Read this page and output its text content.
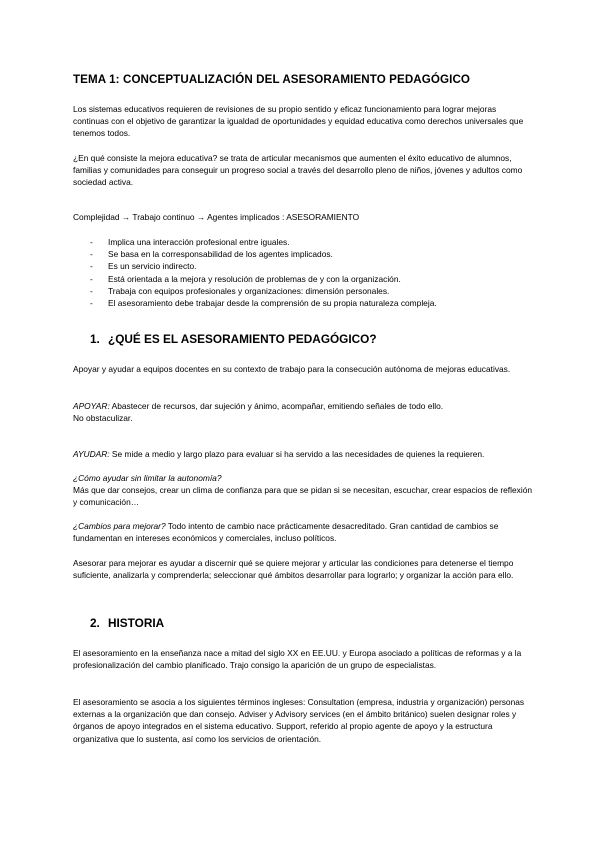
TEMA 1: CONCEPTUALIZACIÓN DEL ASESORAMIENTO PEDAGÓGICO

Los sistemas educativos requieren de revisiones de su propio sentido y eficaz funcionamiento para lograr mejoras continuas con el objetivo de garantizar la igualdad de oportunidades y equidad educativa como derechos universales que tenemos todos.

¿En qué consiste la mejora educativa? se trata de articular mecanismos que aumenten el éxito educativo de alumnos, familias y comunidades para conseguir un progreso social a través del desarrollo pleno de niños, jóvenes y adultos como sociedad activa.

Complejidad → Trabajo continuo → Agentes implicados : ASESORAMIENTO

- Implica una interacción profesional entre iguales.
- Se basa en la corresponsabilidad de los agentes implicados.
- Es un servicio indirecto.
- Está orientada a la mejora y resolución de problemas de y con la organización.
- Trabaja con equipos profesionales y organizaciones: dimensión personales.
- El asesoramiento debe trabajar desde la comprensión de su propia naturaleza compleja.
1. ¿QUÉ ES EL ASESORAMIENTO PEDAGÓGICO?

Apoyar y ayudar a equipos docentes en su contexto de trabajo para la consecución autónoma de mejoras educativas.

APOYAR: Abastecer de recursos, dar sujeción y ánimo, acompañar, emitiendo señales de todo ello.
No obstaculizar.

AYUDAR: Se mide a medio y largo plazo para evaluar si ha servido a las necesidades de quienes la requieren.

¿Cómo ayudar sin limitar la autonomía?
Más que dar consejos, crear un clima de confianza para que se pidan si se necesitan, escuchar, crear espacios de reflexión y comunicación…

¿Cambios para mejorar? Todo intento de cambio nace prácticamente desacreditado. Gran cantidad de cambios se fundamentan en intereses económicos y comerciales, incluso políticos.

Asesorar para mejorar es ayudar a discernir qué se quiere mejorar y articular las condiciones para detenerse el tiempo suficiente, analizarla y comprenderla; seleccionar qué ámbitos desarrollar para lograrlo; y organizar la acción para ello.

2. HISTORIA

El asesoramiento en la enseñanza nace a mitad del siglo XX en EE.UU. y Europa asociado a políticas de reformas y a la profesionalización del cambio planificado. Trajo consigo la aparición de un grupo de especialistas.

El asesoramiento se asocia a los siguientes términos ingleses: Consultation (empresa, industria y organización) personas externas a la organización que dan consejo. Adviser y Advisory services (en el ámbito británico) suelen designar roles y órganos de apoyo integrados en el sistema educativo. Support, referido al propio agente de apoyo y la estructura organizativa que lo sustenta, así como los servicios de orientación.
